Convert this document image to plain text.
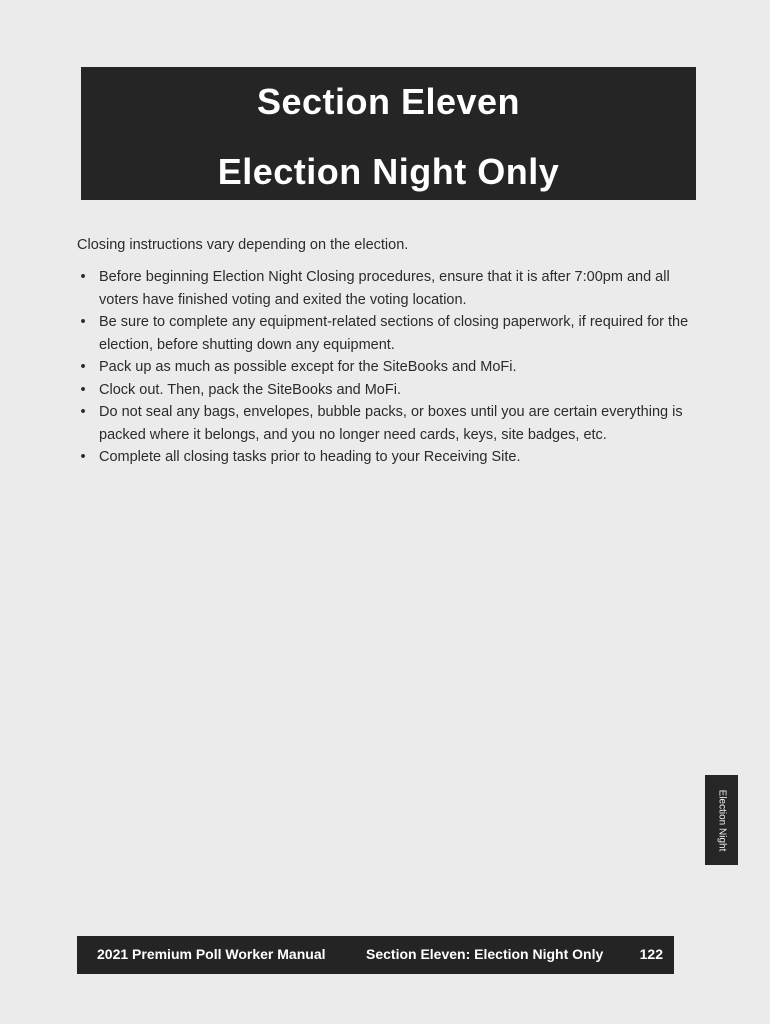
Section Eleven
Election Night Only
Closing instructions vary depending on the election.
• Before beginning Election Night Closing procedures, ensure that it is after 7:00pm and all voters have finished voting and exited the voting location.
• Be sure to complete any equipment-related sections of closing paperwork, if required for the election, before shutting down any equipment.
• Pack up as much as possible except for the SiteBooks and MoFi.
• Clock out. Then, pack the SiteBooks and MoFi.
• Do not seal any bags, envelopes, bubble packs, or boxes until you are certain everything is packed where it belongs, and you no longer need cards, keys, site badges, etc.
• Complete all closing tasks prior to heading to your Receiving Site.
Election Night
2021 Premium Poll Worker Manual	Section Eleven: Election Night Only	122
